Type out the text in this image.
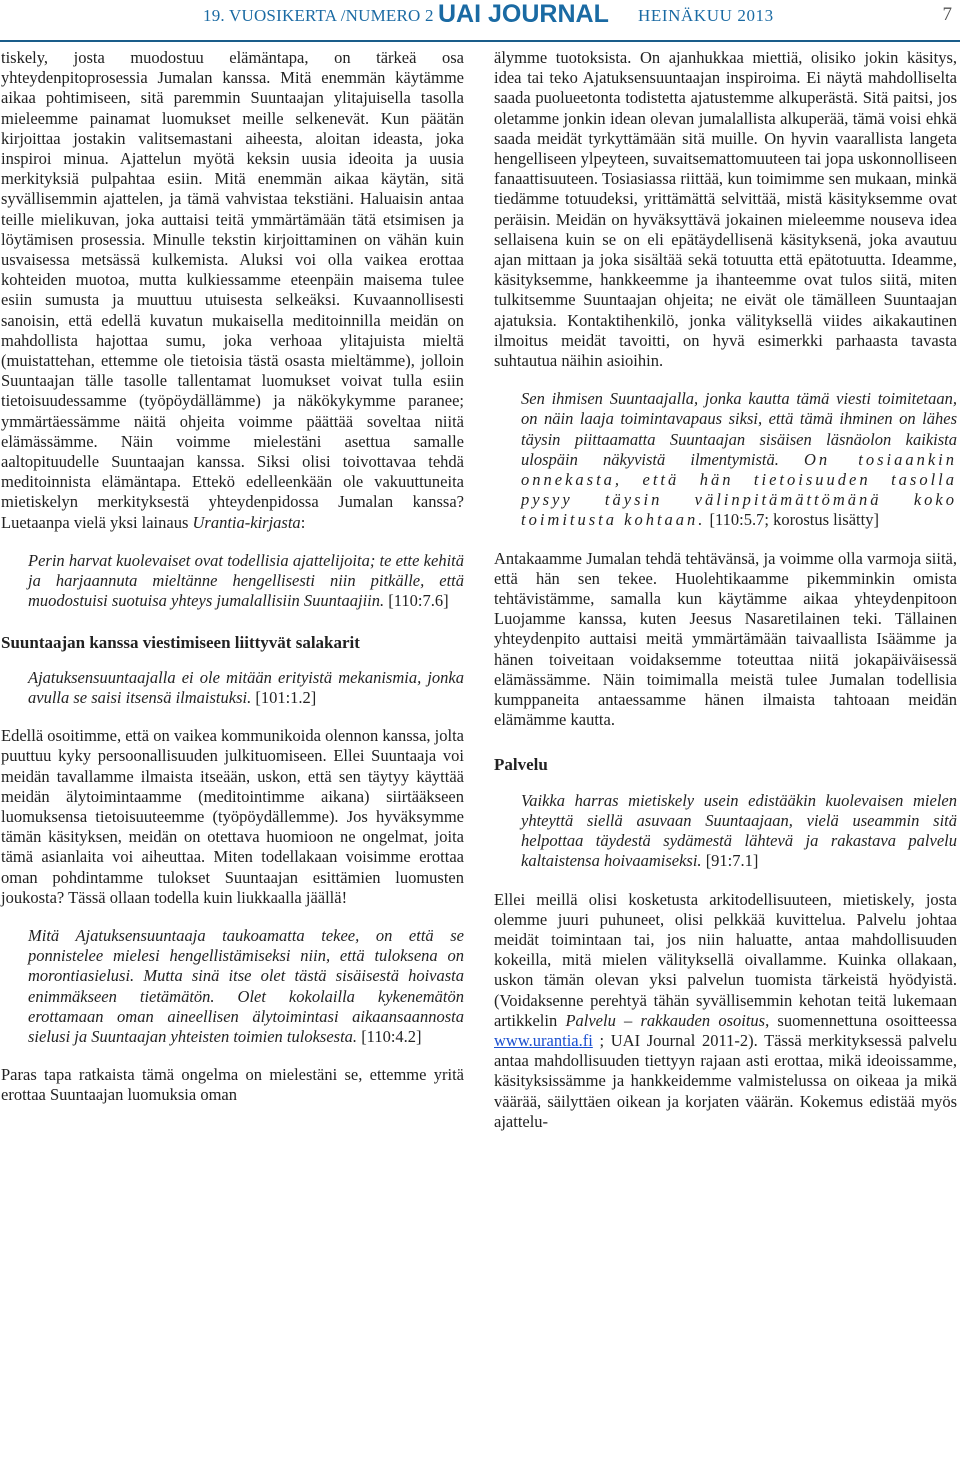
19. VUOSIKERTA /NUMERO 2 UAI JOURNAL HEINÄKUU 2013	7

tiskely, josta muodostuu elämäntapa, on tärkeä osa yhteydenpitoprosessia Jumalan kanssa. Mitä enemmän käytämme aikaa pohtimiseen, sitä paremmin Suuntaajan ylitajuisella tasolla mieleemme painamat luomukset meille selkenevät. Kun päätän kirjoittaa jostakin valitsemastani aiheesta, aloitan ideasta, joka inspiroi minua. Ajattelun myötä keksin uusia ideoita ja uusia merkityksiä pulpahtaa esiin. Mitä enemmän aikaa käytän, sitä syvällisemmin ajattelen, ja tämä vahvistaa tekstiäni. Haluaisin antaa teille mielikuvan, joka auttaisi teitä ymmärtämään tätä etsimisen ja löytämisen prosessia. Minulle tekstin kirjoittaminen on vähän kuin usvaisessa metsässä kulkemista. Aluksi voi olla vaikea erottaa kohteiden muotoa, mutta kulkiessamme eteenpäin maisema tulee esiin sumusta ja muuttuu utuisesta selkeäksi. Kuvaannollisesti sanoisin, että edellä kuvatun mukaisella meditoinnilla meidän on mahdollista hajottaa sumu, joka verhoaa ylitajuista mieltä (muistattehan, ettemme ole tietoisia tästä osasta mieltämme), jolloin Suuntaajan tälle tasolle tallentamat luomukset voivat tulla esiin tietoisuudessamme (työpöydällämme) ja näkökykymme paranee; ymmärtäessämme näitä ohjeita voimme päättää soveltaa niitä elämässämme. Näin voimme mielestäni asettua samalle aaltopituudelle Suuntaajan kanssa. Siksi olisi toivottavaa tehdä meditoinnista elämäntapa. Ettekö edelleenkään ole vakuuttuneita mietiskelyn merkityksestä yhteydenpidossa Jumalan kanssa? Luetaanpa vielä yksi lainaus Urantia-kirjasta:

Perin harvat kuolevaiset ovat todellisia ajattelijoita; te ette kehitä ja harjaannuta mieltänne hengellisesti niin pitkälle, että muodostuisi suotuisa yhteys jumalallisiin Suuntaajiin. [110:7.6]

Suuntaajan kanssa viestimiseen liittyvät salakarit

Ajatuksensuuntaajalla ei ole mitään erityistä mekanismia, jonka avulla se saisi itsensä ilmaistuksi. [101:1.2]

Edellä osoitimme, että on vaikea kommunikoida olennon kanssa, jolta puuttuu kyky persoonallisuuden julkituomiseen. Ellei Suuntaaja voi meidän tavallamme ilmaista itseään, uskon, että sen täytyy käyttää meidän älytoimintaamme (meditointimme aikana) siirtääkseen luomuksensa tietoisuuteemme (työpöydällemme). Jos hyväksymme tämän käsityksen, meidän on otettava huomioon ne ongelmat, joita tämä asianlaita voi aiheuttaa. Miten todellakaan voisimme erottaa oman pohdintamme tulokset Suuntaajan esittämien luomusten joukosta? Tässä ollaan todella kuin liukkaalla jäällä!

Mitä Ajatuksensuuntaaja taukoamatta tekee, on että se ponnistelee mielesi hengellistämiseksi niin, että tuloksena on morontiasielusi. Mutta sinä itse olet tästä sisäisestä hoivasta enimmäkseen tietämätön. Olet kokolailla kykenemätön erottamaan oman aineellisen älytoimintasi aikaansaannosta sielusi ja Suuntaajan yhteisten toimien tuloksesta. [110:4.2]

Paras tapa ratkaista tämä ongelma on mielestäni se, ettemme yritä erottaa Suuntaajan luomuksia oman

älymme tuotoksista. On ajanhukkaa miettiä, olisiko jokin käsitys, idea tai teko Ajatuksensuuntaajan inspiroima. Ei näytä mahdolliselta saada puolueetonta todistetta ajatustemme alkuperästä. Sitä paitsi, jos oletamme jonkin idean olevan jumalallista alkuperää, tämä voisi ehkä saada meidät tyrkyttämään sitä muille. On hyvin vaarallista langeta hengelliseen ylpeyteen, suvaitsemattomuuteen tai jopa uskonnolliseen fanaattisuuteen. Tosiasiassa riittää, kun toimimme sen mukaan, minkä tiedämme totuudeksi, yrittämättä selvittää, mistä käsityksemme ovat peräisin. Meidän on hyväksyttävä jokainen mieleemme nouseva idea sellaisena kuin se on eli epätäydellisenä käsityksenä, joka avautuu ajan mittaan ja joka sisältää sekä totuutta että epätotuutta. Ideamme, käsityksemme, hankkeemme ja ihanteemme ovat tulos siitä, miten tulkitsemme Suuntaajan ohjeita; ne eivät ole tämälleen Suuntaajan ajatuksia. Kontaktihenkilö, jonka välityksellä viides aikakautinen ilmoitus meidät tavoitti, on hyvä esimerkki parhaasta tavasta suhtautua näihin asioihin.

Sen ihmisen Suuntaajalla, jonka kautta tämä viesti toimitetaan, on näin laaja toimintavapaus siksi, että tämä ihminen on lähes täysin piittaamatta Suuntaajan sisäisen läsnäolon kaikista ulospäin näkyvistä ilmentymistä. On tosiaankin onnekasta, että hän tietoisuuden tasolla pysyy täysin välinpitämättömänä koko toimitusta kohtaan. [110:5.7; korostus lisätty]

Antakaamme Jumalan tehdä tehtävänsä, ja voimme olla varmoja siitä, että hän sen tekee. Huolehtikaamme pikemminkin omista tehtävistämme, samalla kun käytämme aikaa yhteydenpitoon Luojamme kanssa, kuten Jeesus Nasaretilainen teki. Tällainen yhteydenpito auttaisi meitä ymmärtämään taivaallista Isäämme ja hänen toiveitaan voidaksemme toteuttaa niitä jokapäiväisessä elämässämme. Näin toimimalla meistä tulee Jumalan todellisia kumppaneita antaessamme hänen ilmaista tahtoaan meidän elämämme kautta.

Palvelu

Vaikka harras mietiskely usein edistääkin kuolevaisen mielen yhteyttä siellä asuvaan Suuntaajaan, vielä useammin sitä helpottaa täydestä sydämestä lähtevä ja rakastava palvelu kaltaistensa hoivaamiseksi. [91:7.1]

Ellei meillä olisi kosketusta arkitodellisuuteen, mietiskely, josta olemme juuri puhuneet, olisi pelkkää kuvittelua. Palvelu johtaa meidät toimintaan tai, jos niin haluatte, antaa mahdollisuuden kokeilla, mitä mielen välityksellä oivallamme. Kuinka ollakaan, uskon tämän olevan yksi palvelun tuomista tärkeistä hyödyistä. (Voidaksenne perehtyä tähän syvällisemmin kehotan teitä lukemaan artikkelin Palvelu – rakkauden osoitus, suomennettuna osoitteessa www.urantia.fi ; UAI Journal 2011-2). Tässä merkityksessä palvelu antaa mahdollisuuden tiettyyn rajaan asti erottaa, mikä ideoissamme, käsityksissämme ja hankkeidemme valmistelussa on oikeaa ja mikä väärää, säilyttäen oikean ja korjaten väärän. Kokemus edistää myös ajattelu-
